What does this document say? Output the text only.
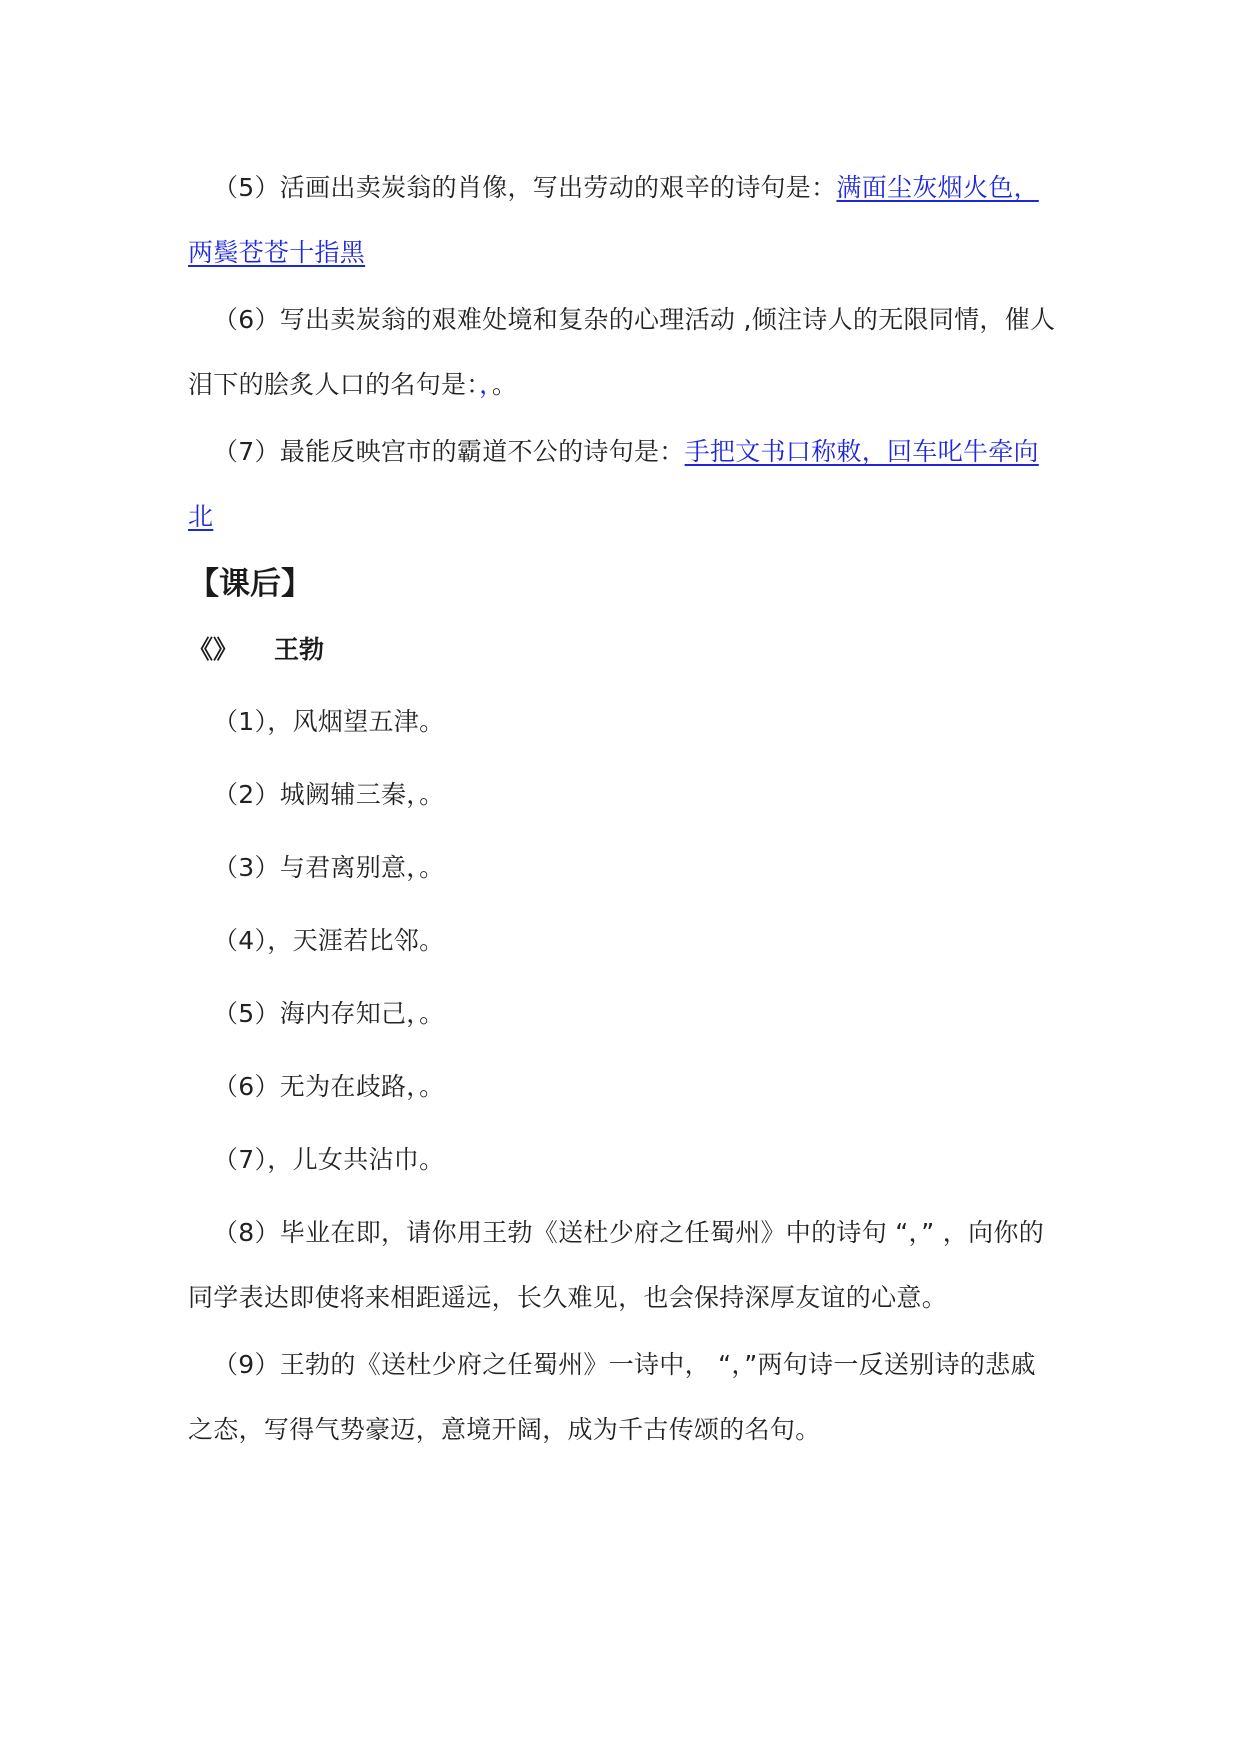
（5）活画出卖炭翁的肖像，写出劳动的艰辛的诗句是：满面尘灰烟火色，两鬓苍苍十指黑

（6）写出卖炭翁的艰难处境和复杂的心理活动 ,倾注诗人的无限同情，催人泪下的脍炙人口的名句是：，。

（7）最能反映宫市的霸道不公的诗句是：手把文书口称敕，回车叱牛牵向北

【课后】

《》 王勃

（1），风烟望五津。

（2）城阙辅三秦，。

（3）与君离别意，。

（4），天涯若比邻。

（5）海内存知己，。

（6）无为在歧路，。

（7），儿女共沾巾。

（8）毕业在即，请你用王勃《送杜少府之任蜀州》中的诗句 “，” ，向你的同学表达即使将来相距遥远，长久难见，也会保持深厚友谊的心意。

（9）王勃的《送杜少府之任蜀州》一诗中， “，”两句诗一反送别诗的悲戚之态，写得气势豪迈，意境开阔，成为千古传颂的名句。
